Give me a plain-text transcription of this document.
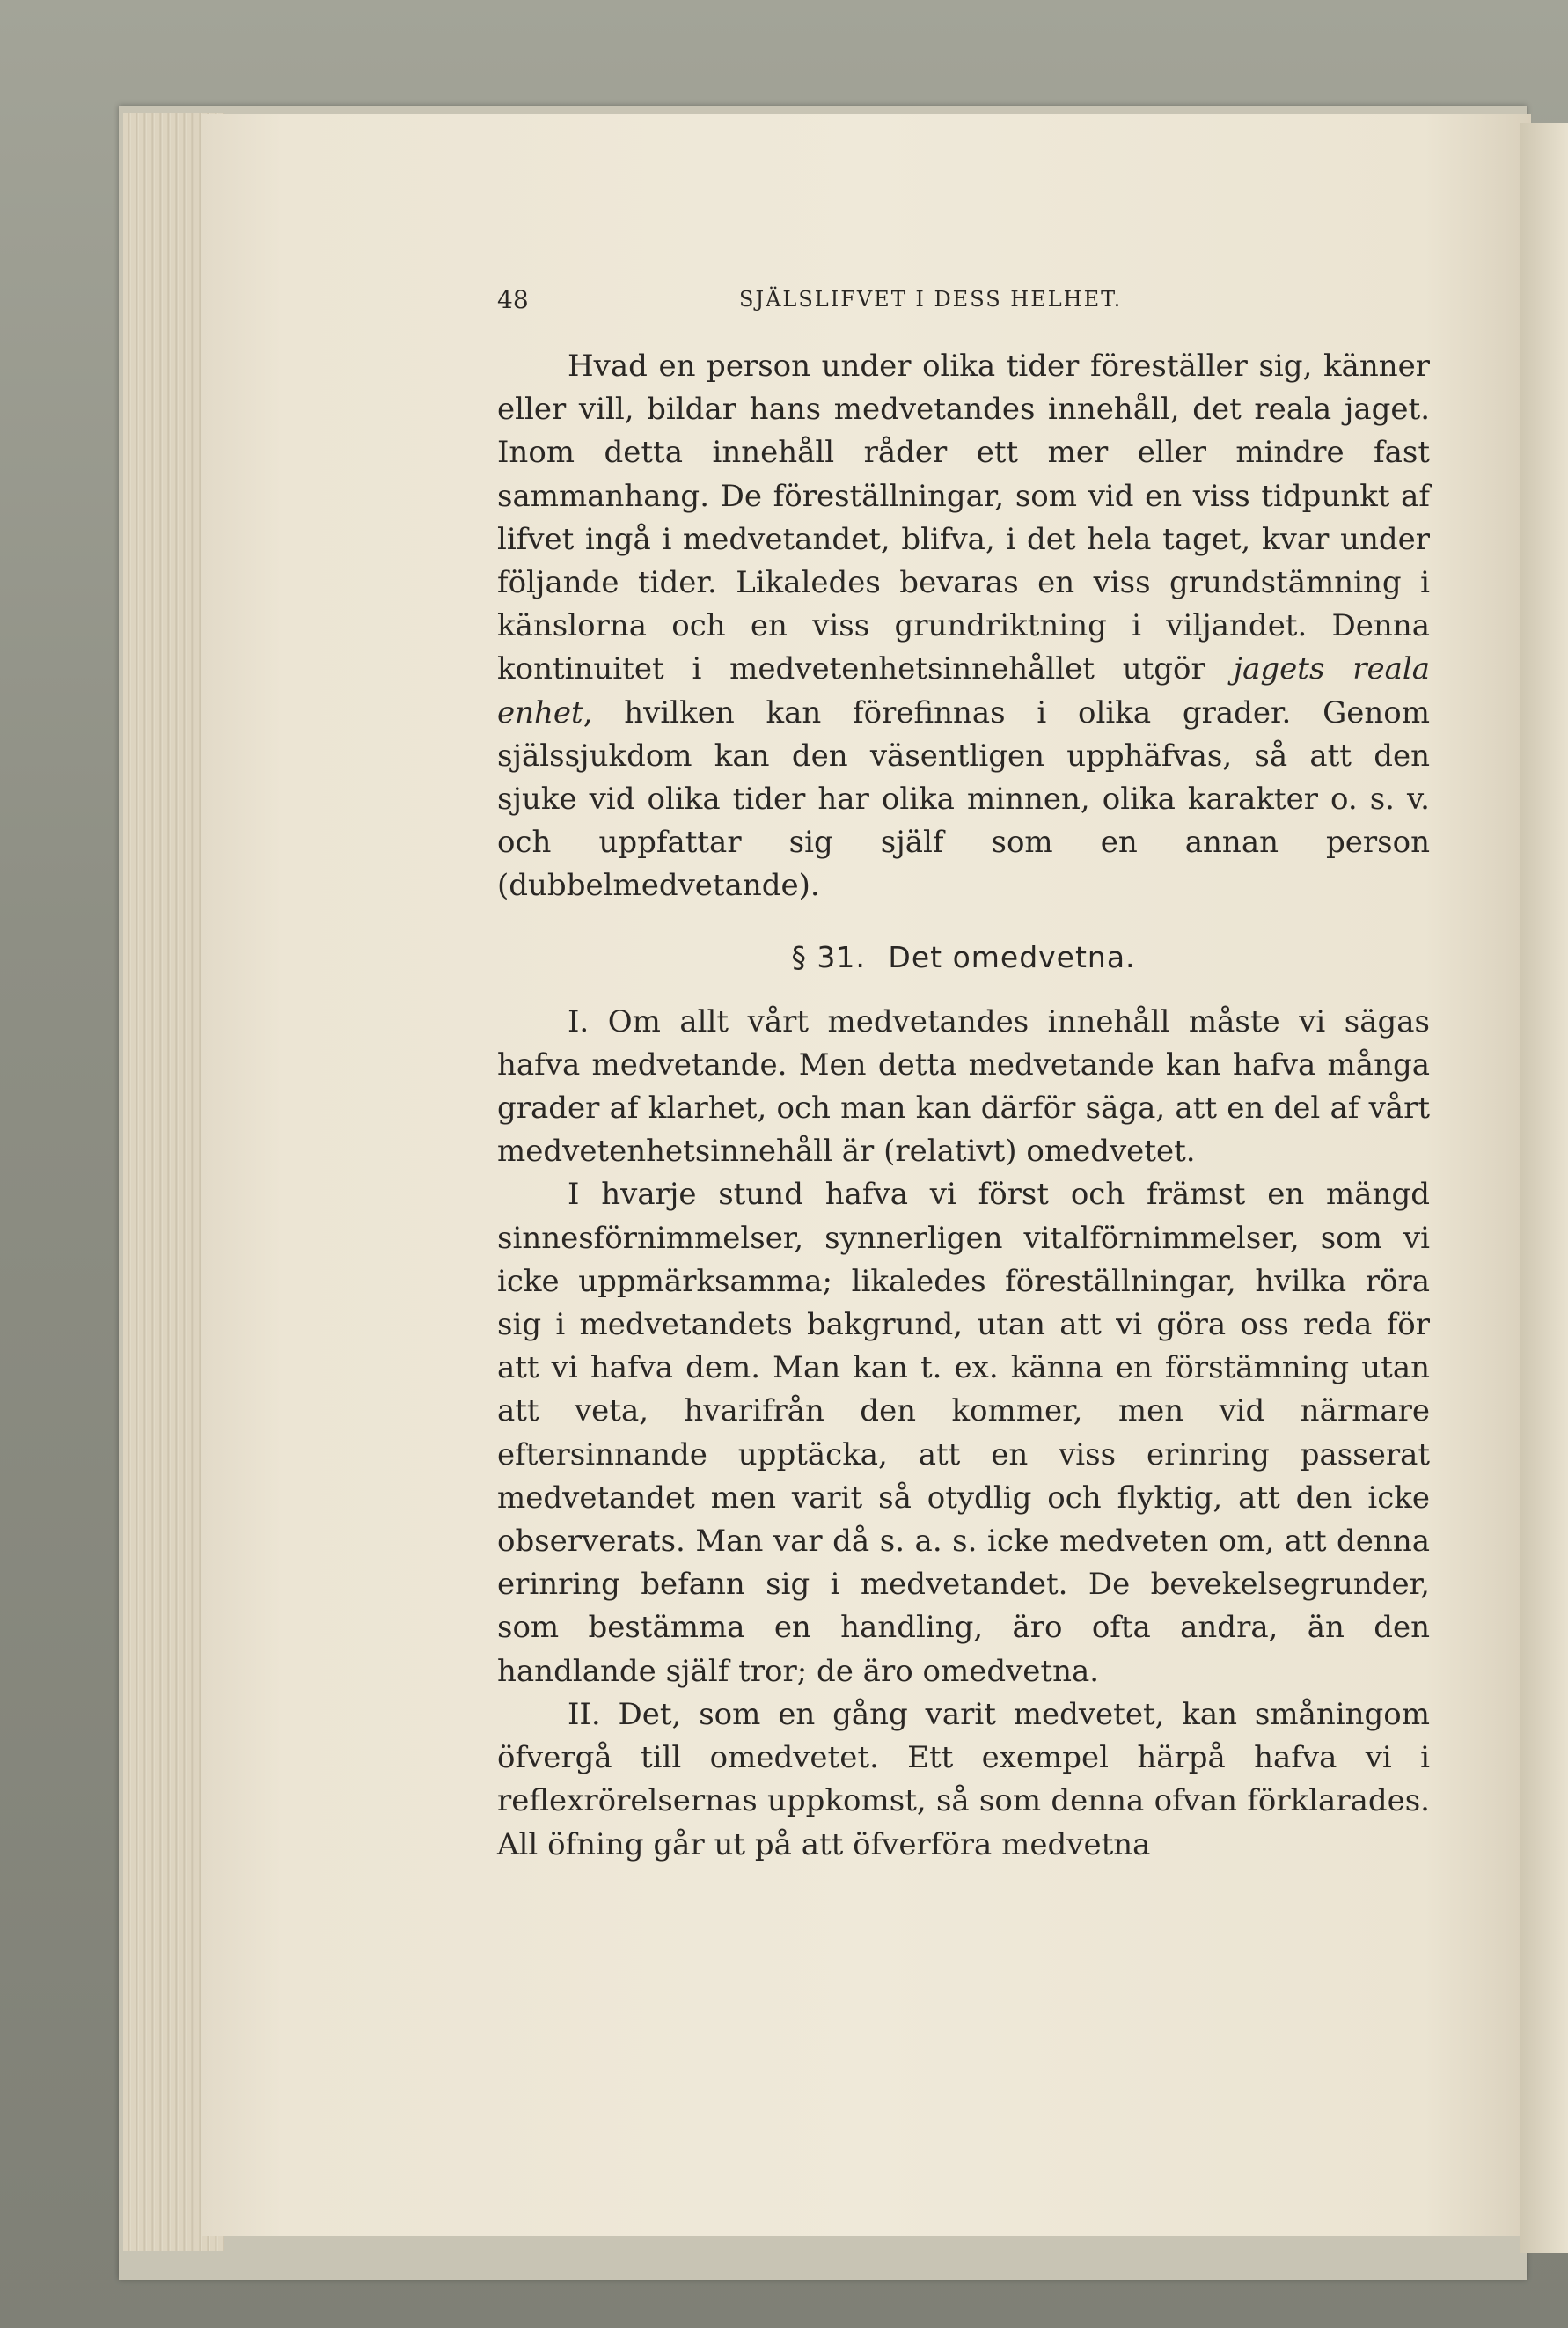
48	SJÄLSLIFVET I DESS HELHET.

Hvad en person under olika tider föreställer sig, känner eller vill, bildar hans medvetandes innehåll, det reala jaget. Inom detta innehåll råder ett mer eller mindre fast sammanhang. De föreställningar, som vid en viss tidpunkt af lifvet ingå i medvetandet, blifva, i det hela taget, kvar under följande tider. Likaledes bevaras en viss grundstämning i känslorna och en viss grundriktning i viljandet. Denna kontinuitet i medvetenhetsinnehållet utgör jagets reala enhet, hvilken kan förefinnas i olika grader. Genom själssjukdom kan den väsentligen upphäfvas, så att den sjuke vid olika tider har olika minnen, olika karakter o. s. v. och uppfattar sig själf som en annan person (dubbelmedvetande).

§ 31. Det omedvetna.

I. Om allt vårt medvetandes innehåll måste vi sägas hafva medvetande. Men detta medvetande kan hafva många grader af klarhet, och man kan därför säga, att en del af vårt medvetenhetsinnehåll är (relativt) omedvetet.

I hvarje stund hafva vi först och främst en mängd sinnesförnimmelser, synnerligen vitalförnimmelser, som vi icke uppmärksamma; likaledes föreställningar, hvilka röra sig i medvetandets bakgrund, utan att vi göra oss reda för att vi hafva dem. Man kan t. ex. känna en förstämning utan att veta, hvarifrån den kommer, men vid närmare eftersinnande upptäcka, att en viss erinring passerat medvetandet men varit så otydlig och flyktig, att den icke observerats. Man var då s. a. s. icke medveten om, att denna erinring befann sig i medvetandet. De bevekelsegrunder, som bestämma en handling, äro ofta andra, än den handlande själf tror; de äro omedvetna.

II. Det, som en gång varit medvetet, kan småningom öfvergå till omedvetet. Ett exempel härpå hafva vi i reflexrörelsernas uppkomst, så som denna ofvan förklarades. All öfning går ut på att öfverföra medvetna
